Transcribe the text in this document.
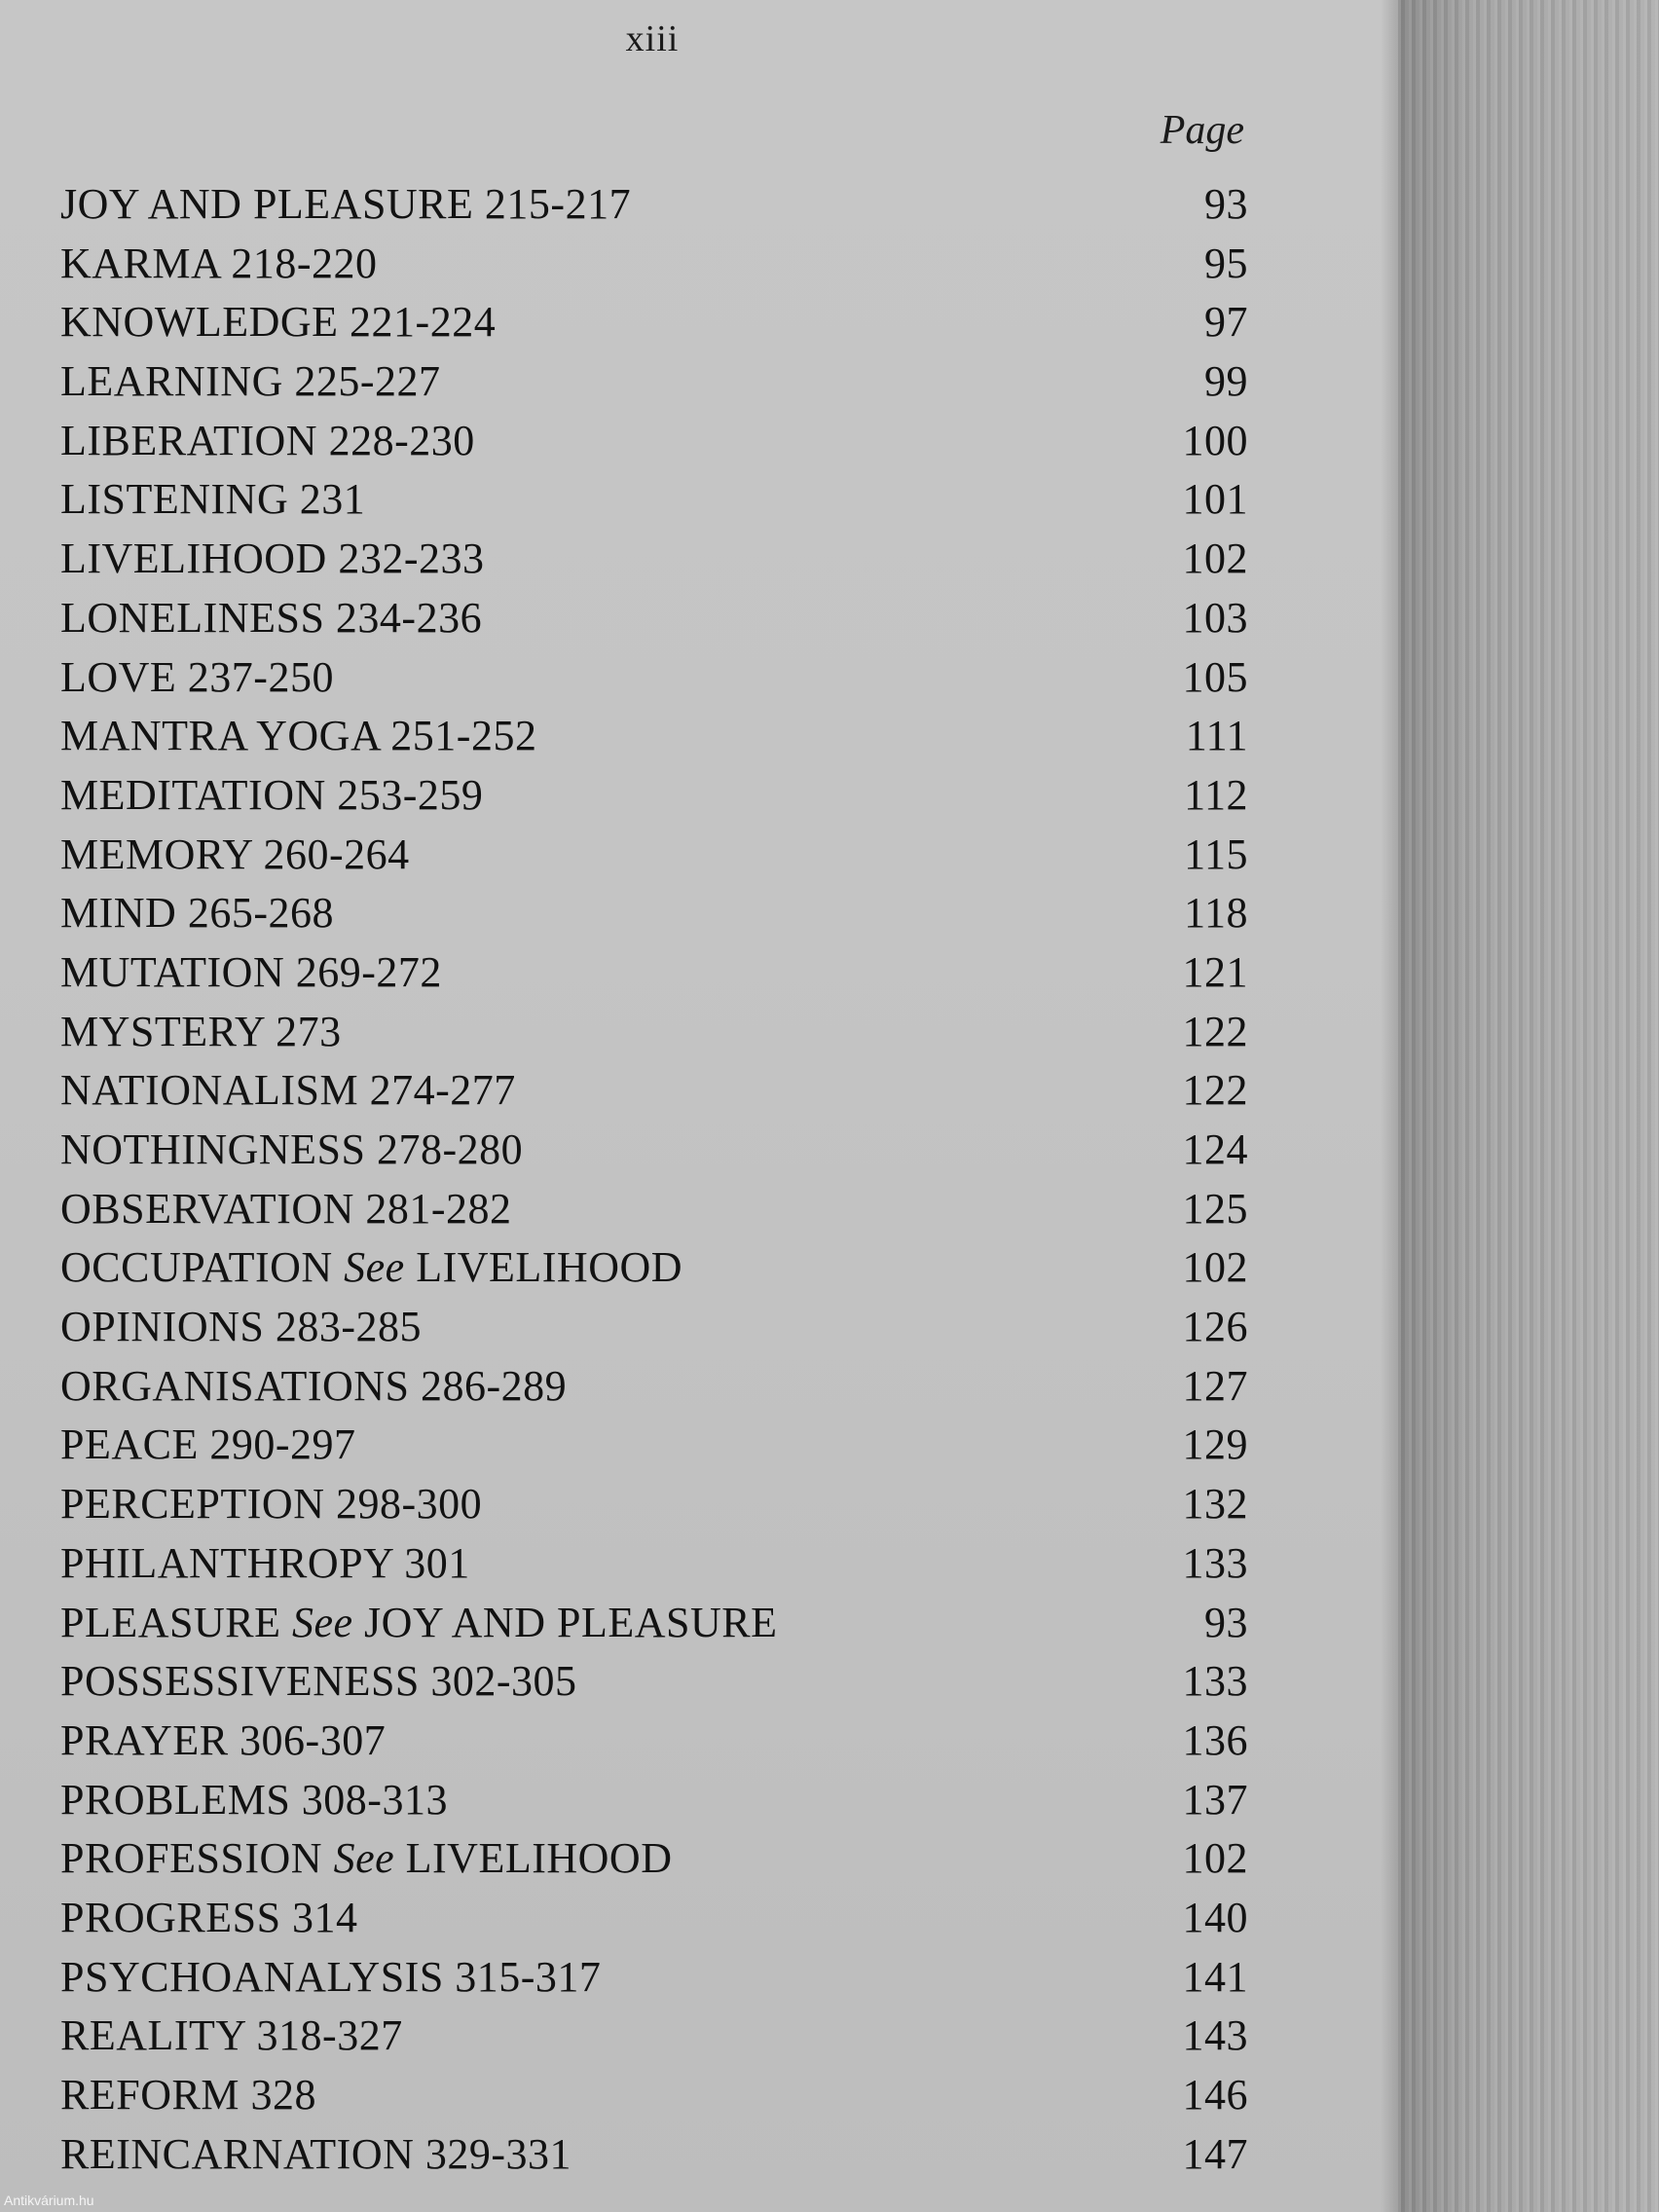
xiii
Page
JOY AND PLEASURE 215-217	93
KARMA 218-220	95
KNOWLEDGE 221-224	97
LEARNING 225-227	99
LIBERATION 228-230	100
LISTENING 231	101
LIVELIHOOD 232-233	102
LONELINESS 234-236	103
LOVE 237-250	105
MANTRA YOGA 251-252	111
MEDITATION 253-259	112
MEMORY 260-264	115
MIND 265-268	118
MUTATION 269-272	121
MYSTERY 273	122
NATIONALISM 274-277	122
NOTHINGNESS 278-280	124
OBSERVATION 281-282	125
OCCUPATION See LIVELIHOOD	102
OPINIONS 283-285	126
ORGANISATIONS 286-289	127
PEACE 290-297	129
PERCEPTION 298-300	132
PHILANTHROPY 301	133
PLEASURE See JOY AND PLEASURE	93
POSSESSIVENESS 302-305	133
PRAYER 306-307	136
PROBLEMS 308-313	137
PROFESSION See LIVELIHOOD	102
PROGRESS 314	140
PSYCHOANALYSIS 315-317	141
REALITY 318-327	143
REFORM 328	146
REINCARNATION 329-331	147
Antikvárium.hu
